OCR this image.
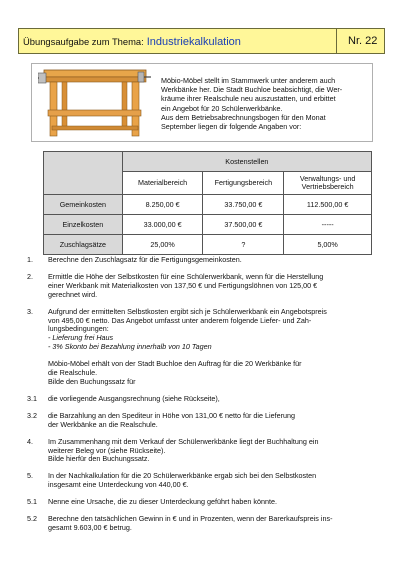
Übungsaufgabe zum Thema: Industriekalkulation	Nr. 22

Möbio-Möbel stellt im Stammwerk unter anderem auch

Werkbänke her. Die Stadt Buchloe beabsichtigt, die Wer-

kräume ihrer Realschule neu auszustatten, und erbittet

ein Angebot für 20 Schülerwerkbänke.

Aus dem Betriebsabrechnungsbogen für den Monat

September liegen dir folgende Angaben vor:

	Kostenstellen		
	Materialbereich	Fertigungsbereich	Verwaltungs- und Vertriebsbereich
Gemeinkosten	8.250,00 €	33.750,00 €	112.500,00 €
Einzelkosten	33.000,00 €	37.500,00 €	-----
Zuschlagsätze	25,00%	?	5,00%
1. Berechne den Zuschlagsatz für die Fertigungsgemeinkosten.

2. Ermittle die Höhe der Selbstkosten für eine Schülerwerkbank, wenn für die Herstellung

einer Werkbank mit Materialkosten von 137,50 € und Fertigungslöhnen von 125,00 €

gerechnet wird.

3. Aufgrund der ermittelten Selbstkosten ergibt sich je Schülerwerkbank ein Angebotspreis

von 495,00 € netto. Das Angebot umfasst unter anderem folgende Liefer- und Zah-

lungsbedingungen:

- Lieferung frei Haus

- 3% Skonto bei Bezahlung innerhalb von 10 Tagen

Möbio-Möbel erhält von der Stadt Buchloe den Auftrag für die 20 Werkbänke für

die Realschule.

Bilde den Buchungssatz für

3.1 die vorliegende Ausgangsrechnung (siehe Rückseite),

3.2 die Barzahlung an den Spediteur in Höhe von 131,00 € netto für die Lieferung

der Werkbänke an die Realschule.

4. Im Zusammenhang mit dem Verkauf der Schülerwerkbänke liegt der Buchhaltung ein

weiterer Beleg vor (siehe Rückseite).

Bilde hierfür den Buchungssatz.

5. In der Nachkalkulation für die 20 Schülerwerkbänke ergab sich bei den Selbstkosten

insgesamt eine Unterdeckung von 440,00 €.

5.1 Nenne eine Ursache, die zu dieser Unterdeckung geführt haben könnte.

5.2 Berechne den tatsächlichen Gewinn in € und in Prozenten, wenn der Barerkaufspreis ins-

gesamt 9.603,00 € betrug.
